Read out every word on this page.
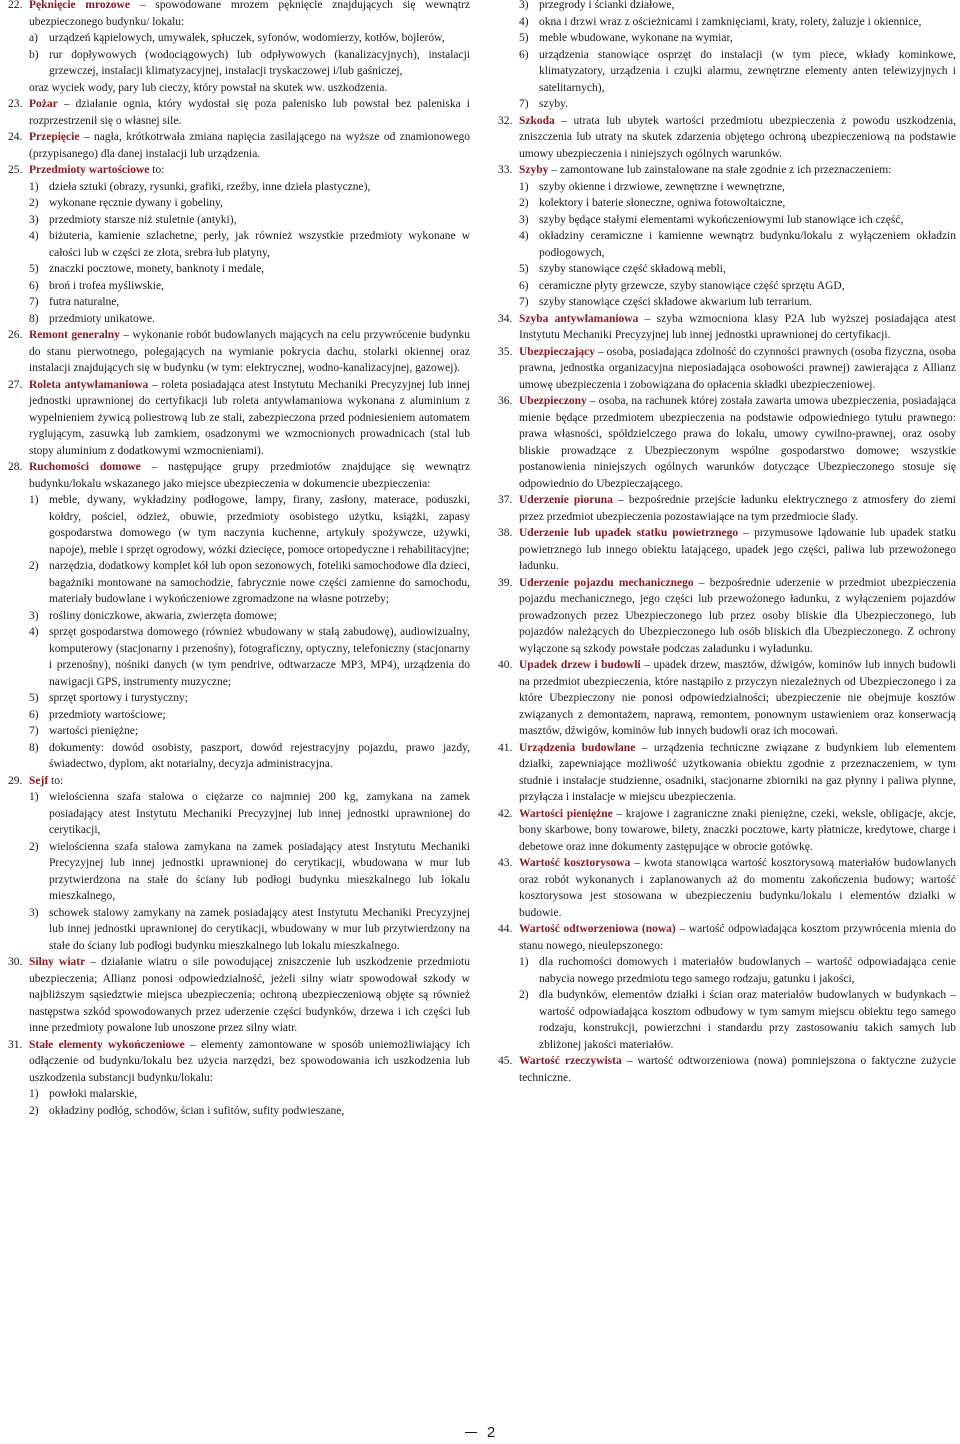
22. Pęknięcie mrozowe – spowodowane mrozem pęknięcie znajdujących się wewnątrz ubezpieczonego budynku/ lokalu:

a) urządzeń kąpielowych, umywalek, spłuczek, syfonów, wodomierzy, kotłów, bojlerów,

b) rur dopływowych (wodociągowych) lub odpływowych (kanalizacyjnych), instalacji grzewczej, instalacji klimatyzacyjnej, instalacji tryskaczowej i/lub gaśniczej,

oraz wyciek wody, pary lub cieczy, który powstał na skutek ww. uszkodzenia.

23. Pożar – działanie ognia, który wydostał się poza palenisko lub powstał bez paleniska i rozprzestrzenił się o własnej sile.

24. Przepięcie – nagła, krótkotrwała zmiana napięcia zasilającego na wyższe od znamionowego (przypisanego) dla danej instalacji lub urządzenia.

25. Przedmioty wartościowe to:

1) dzieła sztuki (obrazy, rysunki, grafiki, rzeźby, inne dzieła plastyczne),

2) wykonane ręcznie dywany i gobeliny,

3) przedmioty starsze niż stuletnie (antyki),

4) biżuteria, kamienie szlachetne, perły, jak również wszystkie przedmioty wykonane w całości lub w części ze złota, srebra lub platyny,

5) znaczki pocztowe, monety, banknoty i medale,

6) broń i trofea myśliwskie,

7) futra naturalne,

8) przedmioty unikatowe.

26. Remont generalny – wykonanie robót budowlanych mających na celu przywrócenie budynku do stanu pierwotnego, polegających na wymianie pokrycia dachu, stolarki okiennej oraz instalacji znajdujących się w budynku (w tym: elektrycznej, wodno-kanalizacyjnej, gazowej).

27. Roleta antywłamaniowa – roleta posiadająca atest Instytutu Mechaniki Precyzyjnej lub innej jednostki uprawnionej do certyfikacji lub roleta antywłamaniowa wykonana z aluminium z wypełnieniem żywicą poliestrową lub ze stali, zabezpieczona przed podniesieniem automatem ryglującym, zasuwką lub zamkiem, osadzonymi we wzmocnionych prowadnicach (stal lub stopy aluminium z dodatkowymi wzmocnieniami).

28. Ruchomości domowe – następujące grupy przedmiotów znajdujące się wewnątrz budynku/lokalu wskazanego jako miejsce ubezpieczenia w dokumencie ubezpieczenia:

1) meble, dywany, wykładziny podłogowe, lampy, firany, zasłony, materace, poduszki, kołdry, pościel, odzież, obuwie, przedmioty osobistego użytku, książki, zapasy gospodarstwa domowego (w tym naczynia kuchenne, artykuły spożywcze, używki, napoje), meble i sprzęt ogrodowy, wózki dziecięce, pomoce ortopedyczne i rehabilitacyjne;

2) narzędzia, dodatkowy komplet kół lub opon sezonowych, foteliki samochodowe dla dzieci, bagażniki montowane na samochodzie, fabrycznie nowe części zamienne do samochodu, materiały budowlane i wykończeniowe zgromadzone na własne potrzeby;

3) rośliny doniczkowe, akwaria, zwierzęta domowe;

4) sprzęt gospodarstwa domowego (również wbudowany w stałą zabudowę), audiowizualny, komputerowy (stacjonarny i przenośny), fotograficzny, optyczny, telefoniczny (stacjonarny i przenośny), nośniki danych (w tym pendrive, odtwarzacze MP3, MP4), urządzenia do nawigacji GPS, instrumenty muzyczne;

5) sprzęt sportowy i turystyczny;

6) przedmioty wartościowe;

7) wartości pieniężne;

8) dokumenty: dowód osobisty, paszport, dowód rejestracyjny pojazdu, prawo jazdy, świadectwo, dyplom, akt notarialny, decyzja administracyjna.

29. Sejf to:

1) wielościenna szafa stalowa o ciężarze co najmniej 200 kg, zamykana na zamek posiadający atest Instytutu Mechaniki Precyzyjnej lub innej jednostki uprawnionej do cerytikacji,

2) wielościenna szafa stalowa zamykana na zamek posiadający atest Instytutu Mechaniki Precyzyjnej lub innej jednostki uprawnionej do cerytikacji, wbudowana w mur lub przytwierdzona na stałe do ściany lub podłogi budynku mieszkalnego lub lokalu mieszkalnego,

3) schowek stalowy zamykany na zamek posiadający atest Instytutu Mechaniki Precyzyjnej lub innej jednostki uprawnionej do cerytikacji, wbudowany w mur lub przytwierdzony na stałe do ściany lub podłogi budynku mieszkalnego lub lokalu mieszkalnego.

30. Silny wiatr – działanie wiatru o sile powodującej zniszczenie lub uszkodzenie przedmiotu ubezpieczenia; Allianz ponosi odpowiedzialność, jeżeli silny wiatr spowodował szkody w najbliższym sąsiedztwie miejsca ubezpieczenia; ochroną ubezpieczeniową objęte są również następstwa szkód spowodowanych przez uderzenie części budynków, drzewa i ich części lub inne przedmioty powalone lub unoszone przez silny wiatr.

31. Stałe elementy wykończeniowe – elementy zamontowane w sposób uniemożliwiający ich odłączenie od budynku/lokalu bez użycia narzędzi, bez spowodowania ich uszkodzenia lub uszkodzenia substancji budynku/lokalu:

1) powłoki malarskie,

2) okładziny podłóg, schodów, ścian i sufitów, sufity podwieszane,

3) przegrody i ścianki działowe,

4) okna i drzwi wraz z ościeżnicami i zamknięciami, kraty, rolety, żaluzje i okiennice,

5) meble wbudowane, wykonane na wymiar,

6) urządzenia stanowiące osprzęt do instalacji (w tym piece, wkłady kominkowe, klimatyzatory, urządzenia i czujki alarmu, zewnętrzne elementy anten telewizyjnych i satelitarnych),

7) szyby.

32. Szkoda – utrata lub ubytek wartości przedmiotu ubezpieczenia z powodu uszkodzenia, zniszczenia lub utraty na skutek zdarzenia objętego ochroną ubezpieczeniową na podstawie umowy ubezpieczenia i niniejszych ogólnych warunków.

33. Szyby – zamontowane lub zainstalowane na stałe zgodnie z ich przeznaczeniem:

1) szyby okienne i drzwiowe, zewnętrzne i wewnętrzne,

2) kolektory i baterie słoneczne, ogniwa fotowoltaiczne,

3) szyby będące stałymi elementami wykończeniowymi lub stanowiące ich część,

4) okładziny ceramiczne i kamienne wewnątrz budynku/lokalu z wyłączeniem okładzin podłogowych,

5) szyby stanowiące część składową mebli,

6) ceramiczne płyty grzewcze, szyby stanowiące część sprzętu AGD,

7) szyby stanowiące części składowe akwarium lub terrarium.

34. Szyba antywłamaniowa – szyba wzmocniona klasy P2A lub wyższej posiadająca atest Instytutu Mechaniki Precyzyjnej lub innej jednostki uprawnionej do certyfikacji.

35. Ubezpieczający – osoba, posiadająca zdolność do czynności prawnych (osoba fizyczna, osoba prawna, jednostka organizacyjna nieposiadająca osobowości prawnej) zawierająca z Allianz umowę ubezpieczenia i zobowiązana do opłacenia składki ubezpieczeniowej.

36. Ubezpieczony – osoba, na rachunek której została zawarta umowa ubezpieczenia, posiadająca mienie będące przedmiotem ubezpieczenia na podstawie odpowiedniego tytułu prawnego: prawa własności, spółdzielczego prawa do lokalu, umowy cywilno-prawnej, oraz osoby bliskie prowadzące z Ubezpieczonym wspólne gospodarstwo domowe; wszystkie postanowienia niniejszych ogólnych warunków dotyczące Ubezpieczonego stosuje się odpowiednio do Ubezpieczającego.

37. Uderzenie pioruna – bezpośrednie przejście ładunku elektrycznego z atmosfery do ziemi przez przedmiot ubezpieczenia pozostawiające na tym przedmiocie ślady.

38. Uderzenie lub upadek statku powietrznego – przymusowe lądowanie lub upadek statku powietrznego lub innego obiektu latającego, upadek jego części, paliwa lub przewożonego ładunku.

39. Uderzenie pojazdu mechanicznego – bezpośrednie uderzenie w przedmiot ubezpieczenia pojazdu mechanicznego, jego części lub przewożonego ładunku, z wyłączeniem pojazdów prowadzonych przez Ubezpieczonego lub przez osoby bliskie dla Ubezpieczonego, lub pojazdów należących do Ubezpieczonego lub osób bliskich dla Ubezpieczonego. Z ochrony wyłączone są szkody powstałe podczas załadunku i wyładunku.

40. Upadek drzew i budowli – upadek drzew, masztów, dźwigów, kominów lub innych budowli na przedmiot ubezpieczenia, które nastąpiło z przyczyn niezależnych od Ubezpieczonego i za które Ubezpieczony nie ponosi odpowiedzialności; ubezpieczenie nie obejmuje kosztów związanych z demontażem, naprawą, remontem, ponownym ustawieniem oraz konserwacją masztów, dźwigów, kominów lub innych budowli oraz ich mocowań.

41. Urządzenia budowlane – urządzenia techniczne związane z budynkiem lub elementem działki, zapewniające możliwość użytkowania obiektu zgodnie z przeznaczeniem, w tym studnie i instalacje studzienne, osadniki, stacjonarne zbiorniki na gaz płynny i paliwa płynne, przyłącza i instalacje w miejscu ubezpieczenia.

42. Wartości pieniężne – krajowe i zagraniczne znaki pieniężne, czeki, weksle, obligacje, akcje, bony skarbowe, bony towarowe, bilety, znaczki pocztowe, karty płatnicze, kredytowe, charge i debetowe oraz inne dokumenty zastępujące w obrocie gotówkę.

43. Wartość kosztorysowa – kwota stanowiąca wartość kosztorysową materiałów budowlanych oraz robót wykonanych i zaplanowanych aż do momentu zakończenia budowy; wartość kosztorysowa jest stosowana w ubezpieczeniu budynku/lokalu i elementów działki w budowie.

44. Wartość odtworzeniowa (nowa) – wartość odpowiadająca kosztom przywrócenia mienia do stanu nowego, nieulepszonego:

1) dla ruchomości domowych i materiałów budowlanych – wartość odpowiadająca cenie nabycia nowego przedmiotu tego samego rodzaju, gatunku i jakości,

2) dla budynków, elementów działki i ścian oraz materiałów budowlanych w budynkach – wartość odpowiadająca kosztom odbudowy w tym samym miejscu obiektu tego samego rodzaju, konstrukcji, powierzchni i standardu przy zastosowaniu takich samych lub zbliżonej jakości materiałów.

45. Wartość rzeczywista – wartość odtworzeniowa (nowa) pomniejszona o faktyczne zużycie techniczne.

2
